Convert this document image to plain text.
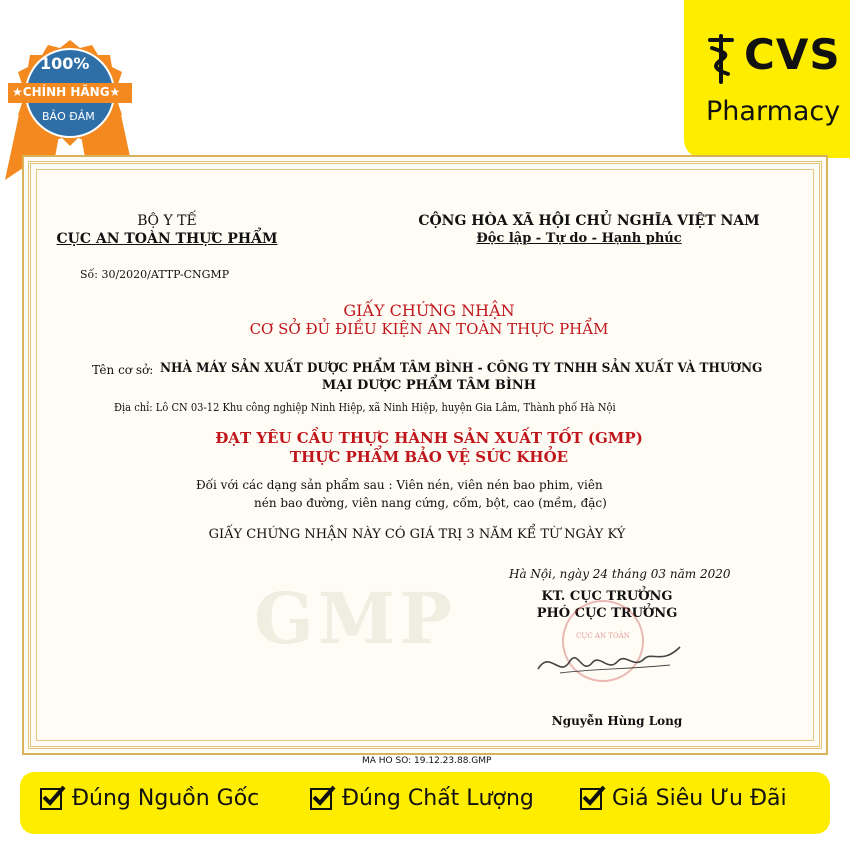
100%
★CHÍNH HÃNG★
BẢO ĐẢM
CVS
Pharmacy
GMP
BỘ Y TẾ
CỤC AN TOÀN THỰC PHẨM
Số: 30/2020/ATTP-CNGMP
CỘNG HÒA XÃ HỘI CHỦ NGHĨA VIỆT NAM
Độc lập - Tự do - Hạnh phúc
GIẤY CHỨNG NHẬN
CƠ SỞ ĐỦ ĐIỀU KIỆN AN TOÀN THỰC PHẨM
Tên cơ sở: NHÀ MÁY SẢN XUẤT DƯỢC PHẨM TÂM BÌNH - CÔNG TY TNHH SẢN XUẤT VÀ THƯƠNG
MẠI DƯỢC PHẨM TÂM BÌNH
Địa chỉ: Lô CN 03-12 Khu công nghiệp Ninh Hiệp, xã Ninh Hiệp, huyện Gia Lâm, Thành phố Hà Nội
ĐẠT YÊU CẦU THỰC HÀNH SẢN XUẤT TỐT (GMP)
THỰC PHẨM BẢO VỆ SỨC KHỎE
Đối với các dạng sản phẩm sau : Viên nén, viên nén bao phim, viên
nén bao đường, viên nang cứng, cốm, bột, cao (mềm, đặc)
GIẤY CHỨNG NHẬN NÀY CÓ GIÁ TRỊ 3 NĂM KỂ TỪ NGÀY KÝ
Hà Nội, ngày 24 tháng 03 năm 2020
KT. CỤC TRƯỞNG
PHÓ CỤC TRƯỞNG
CỤC AN TOÀN
Nguyễn Hùng Long
MA HO SO: 19.12.23.88.GMP
Đúng Nguồn Gốc	Đúng Chất Lượng	Giá Siêu Ưu Đãi
